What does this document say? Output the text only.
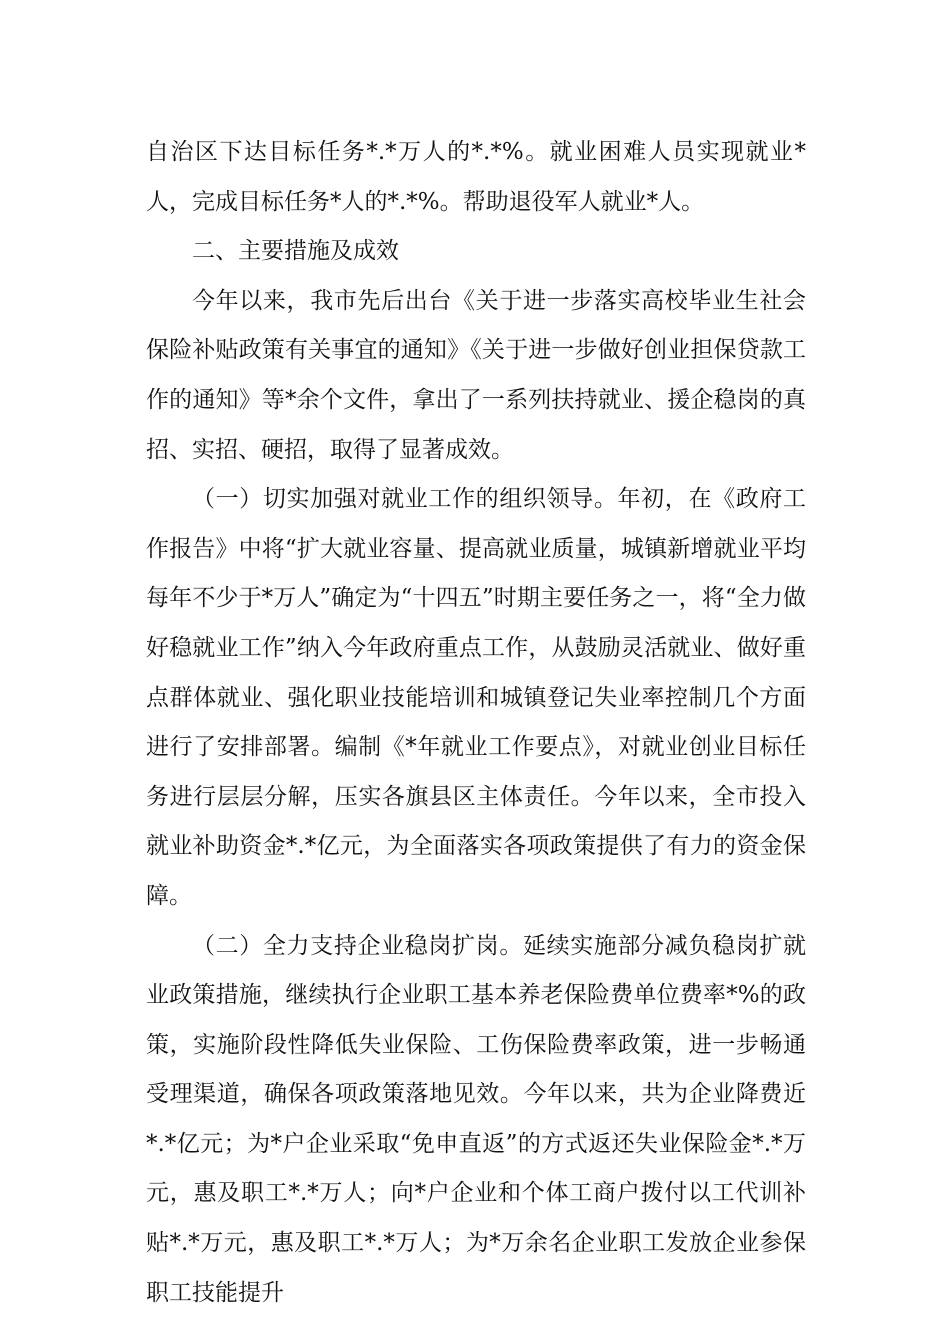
自治区下达目标任务*.*万人的*.*%。就业困难人员实现就业*人，完成目标任务*人的*.*%。帮助退役军人就业*人。

二、主要措施及成效

今年以来，我市先后出台《关于进一步落实高校毕业生社会保险补贴政策有关事宜的通知》《关于进一步做好创业担保贷款工作的通知》等*余个文件，拿出了一系列扶持就业、援企稳岗的真招、实招、硬招，取得了显著成效。

（一）切实加强对就业工作的组织领导。年初，在《政府工作报告》中将“扩大就业容量、提高就业质量，城镇新增就业平均每年不少于*万人”确定为“十四五”时期主要任务之一，将“全力做好稳就业工作”纳入今年政府重点工作，从鼓励灵活就业、做好重点群体就业、强化职业技能培训和城镇登记失业率控制几个方面进行了安排部署。编制《*年就业工作要点》，对就业创业目标任务进行层层分解，压实各旗县区主体责任。今年以来，全市投入就业补助资金*.*亿元，为全面落实各项政策提供了有力的资金保障。

（二）全力支持企业稳岗扩岗。延续实施部分减负稳岗扩就业政策措施，继续执行企业职工基本养老保险费单位费率*%的政策，实施阶段性降低失业保险、工伤保险费率政策，进一步畅通受理渠道，确保各项政策落地见效。今年以来，共为企业降费近*.*亿元；为*户企业采取“免申直返”的方式返还失业保险金*.*万元，惠及职工*.*万人；向*户企业和个体工商户拨付以工代训补贴*.*万元，惠及职工*.*万人；为*万余名企业职工发放企业参保职工技能提升
